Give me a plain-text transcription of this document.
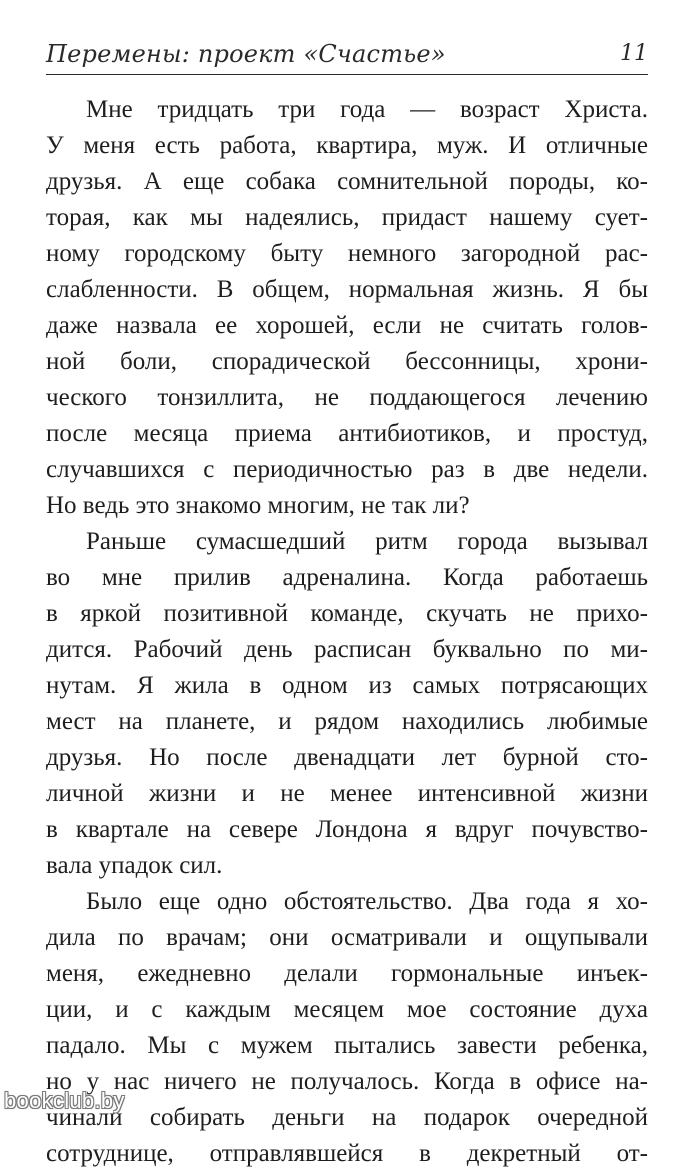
Перемены: проект «Счастье»	11
Мне тридцать три года — возраст Христа.
У меня есть работа, квартира, муж. И отличные
друзья. А еще собака сомнительной породы, ко-
торая, как мы надеялись, придаст нашему сует-
ному городскому быту немного загородной рас-
слабленности. В общем, нормальная жизнь. Я бы
даже назвала ее хорошей, если не считать голов-
ной боли, спорадической бессонницы, хрони-
ческого тонзиллита, не поддающегося лечению
после месяца приема антибиотиков, и простуд,
случавшихся с периодичностью раз в две недели.
Но ведь это знакомо многим, не так ли?
Раньше сумасшедший ритм города вызывал
во мне прилив адреналина. Когда работаешь
в яркой позитивной команде, скучать не прихо-
дится. Рабочий день расписан буквально по ми-
нутам. Я жила в одном из самых потрясающих
мест на планете, и рядом находились любимые
друзья. Но после двенадцати лет бурной сто-
личной жизни и не менее интенсивной жизни
в квартале на севере Лондона я вдруг почувство-
вала упадок сил.
Было еще одно обстоятельство. Два года я хо-
дила по врачам; они осматривали и ощупывали
меня, ежедневно делали гормональные инъек-
ции, и с каждым месяцем мое состояние духа
падало. Мы с мужем пытались завести ребенка,
но у нас ничего не получалось. Когда в офисе на-
чинали собирать деньги на подарок очередной
сотруднице, отправлявшейся в декретный от-
bookclub.by
